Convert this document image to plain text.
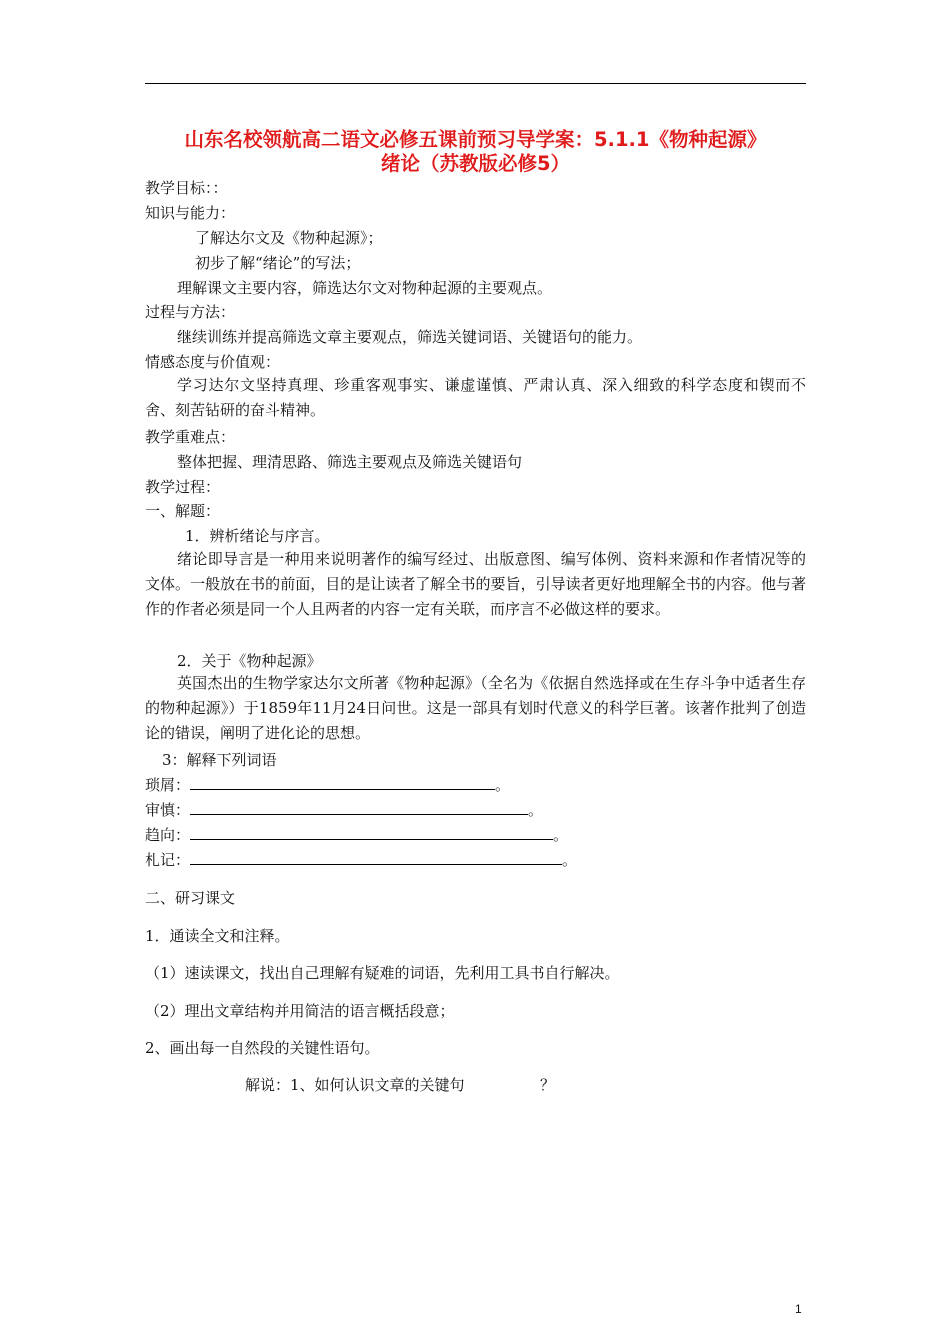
山东名校领航高二语文必修五课前预习导学案：5.1.1《物种起源》
绪论（苏教版必修5）
教学目标：：
知识与能力：
了解达尔文及《物种起源》；
初步了解“绪论”的写法；
理解课文主要内容，筛选达尔文对物种起源的主要观点。
过程与方法：
继续训练并提高筛选文章主要观点，筛选关键词语、关键语句的能力。
情感态度与价值观：
学习达尔文坚持真理、珍重客观事实、谦虚谨慎、严肃认真、深入细致的科学态度和锲而不舍、刻苦钻研的奋斗精神。
教学重难点：
整体把握、理清思路、筛选主要观点及筛选关键语句
教学过程：
一、解题：
1．辨析绪论与序言。
绪论即导言是一种用来说明著作的编写经过、出版意图、编写体例、资料来源和作者情况等的文体。一般放在书的前面，目的是让读者了解全书的要旨，引导读者更好地理解全书的内容。他与著作的作者必须是同一个人且两者的内容一定有关联，而序言不必做这样的要求。
2．关于《物种起源》
英国杰出的生物学家达尔文所著《物种起源》（全名为《依据自然选择或在生存斗争中适者生存的物种起源》）于1859年11月24日问世。这是一部具有划时代意义的科学巨著。该著作批判了创造论的错误，阐明了进化论的思想。
3：解释下列词语
琐屑：	。
审慎：	。
趋向：	。
札记：	。
二、研习课文
1．通读全文和注释。
（1）速读课文，找出自己理解有疑难的词语，先利用工具书自行解决。
（2）理出文章结构并用简洁的语言概括段意；
2、画出每一自然段的关键性语句。
解说：1、如何认识文章的关键句	？
1
